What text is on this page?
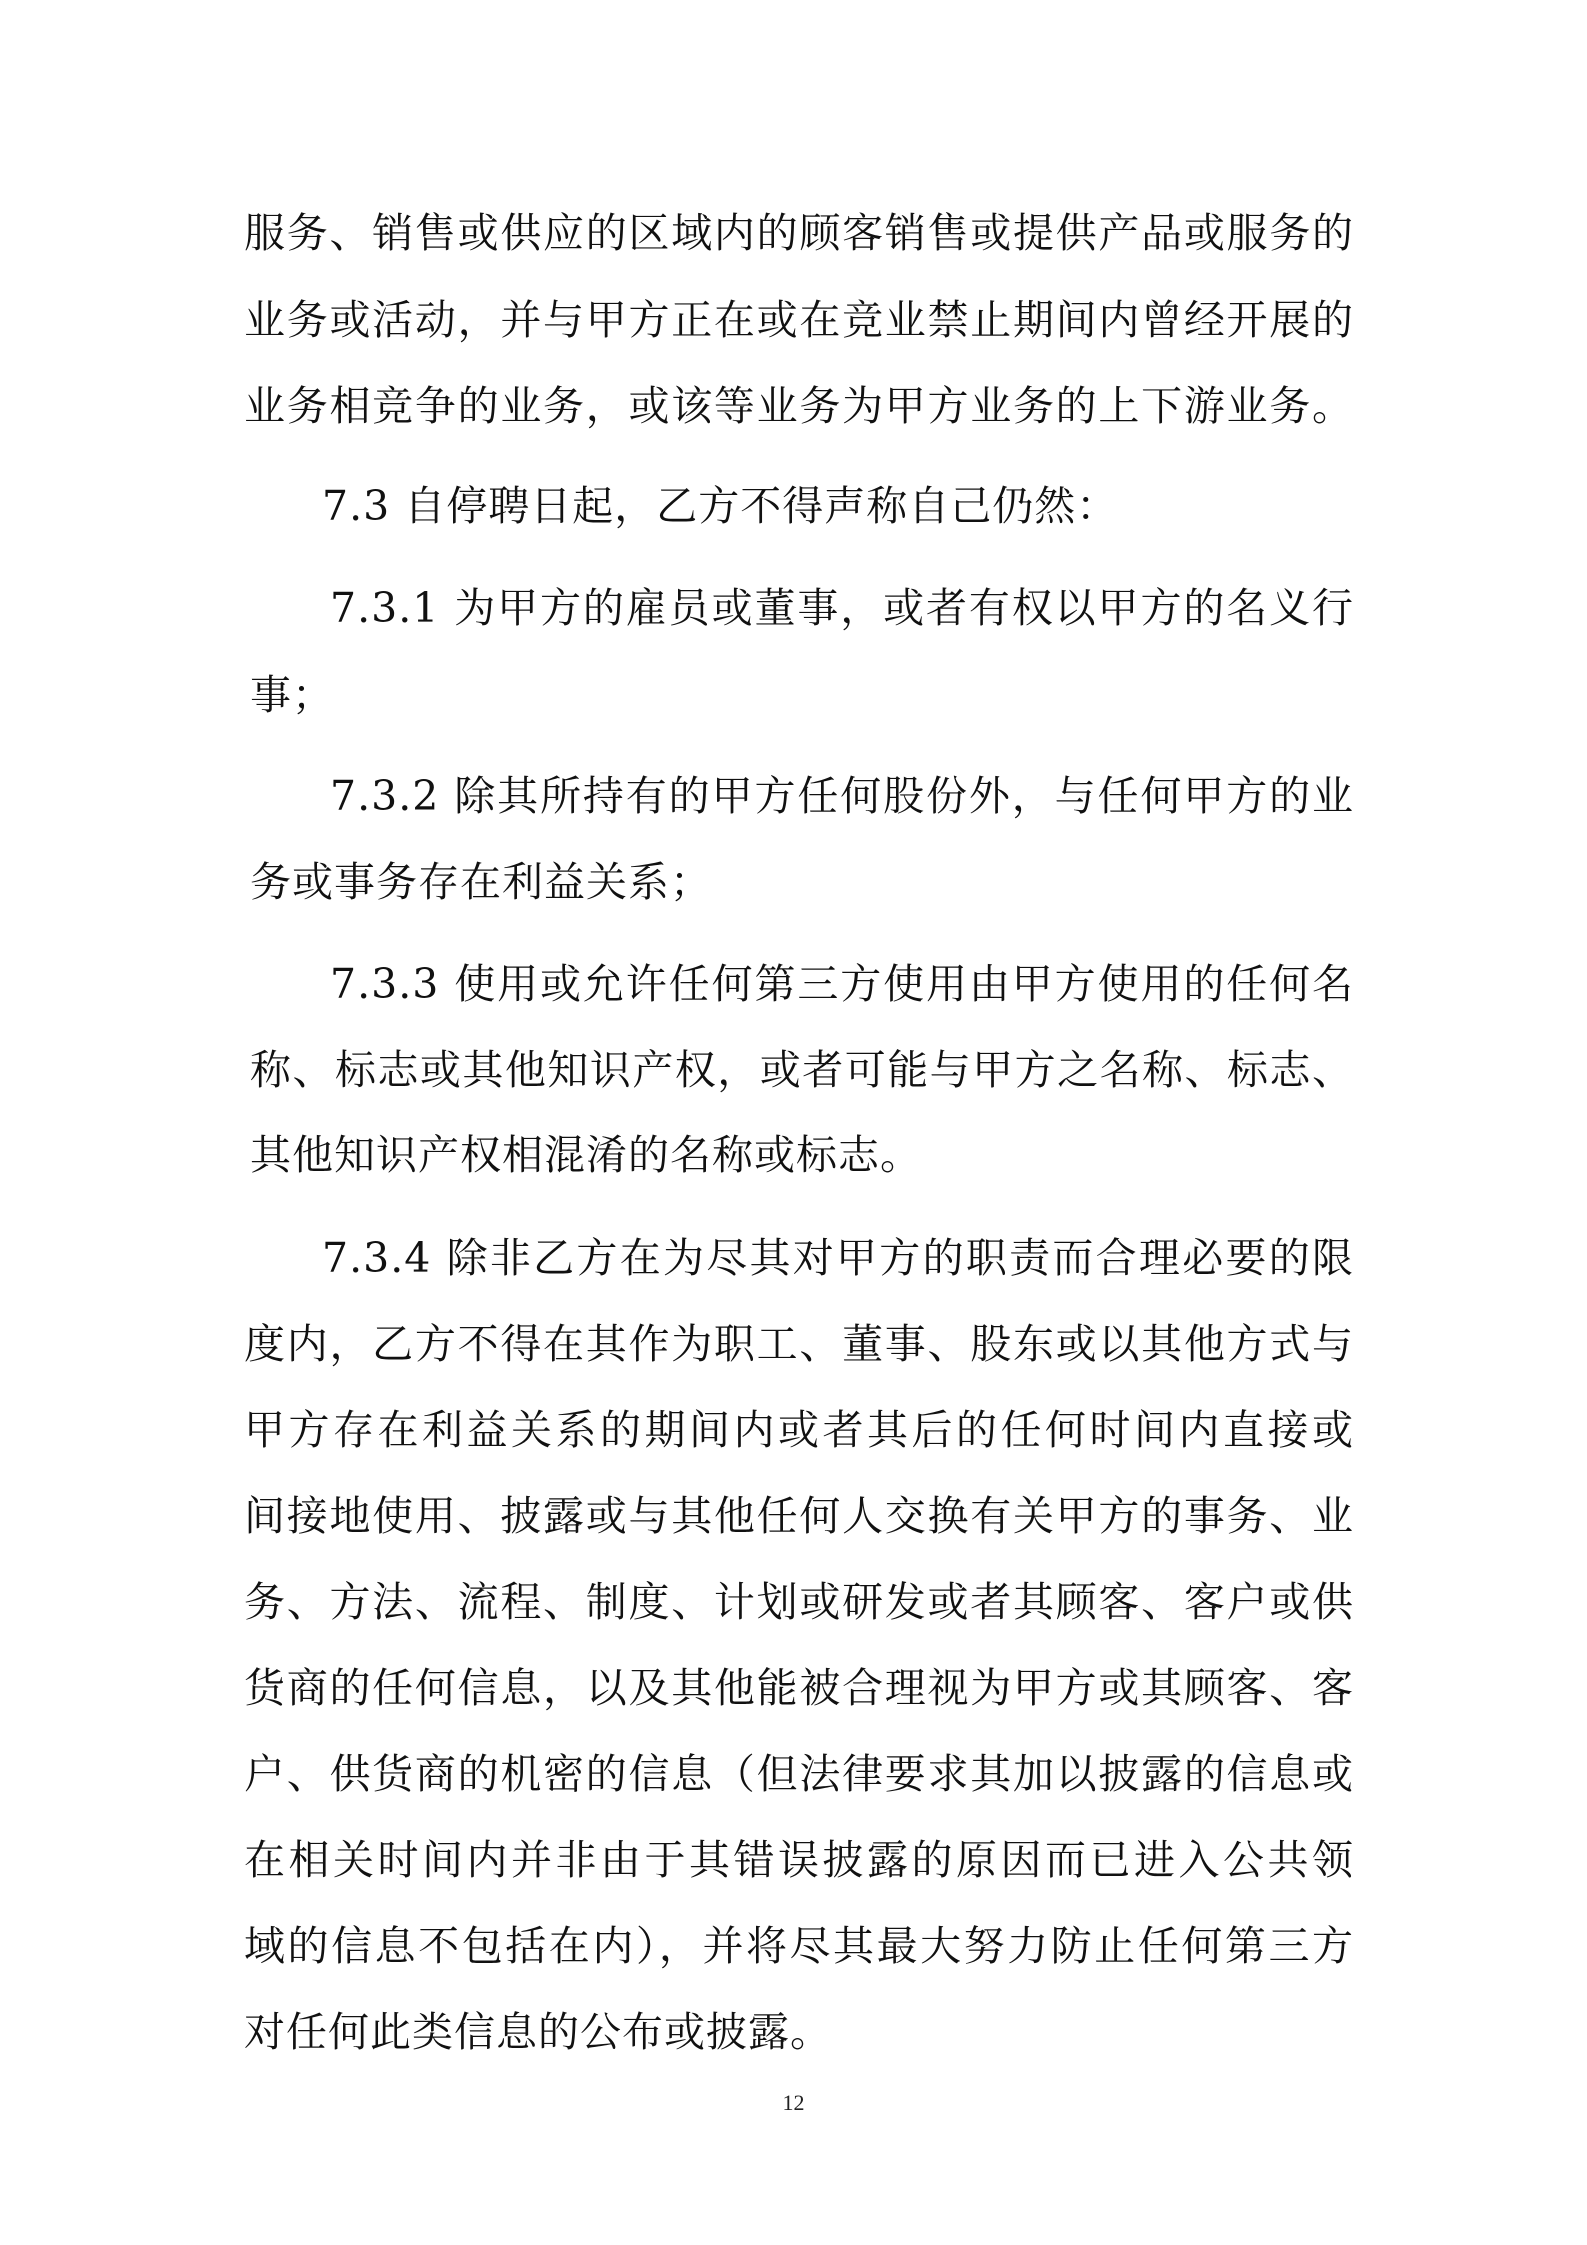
服务、销售或供应的区域内的顾客销售或提供产品或服务的
业务或活动，并与甲方正在或在竞业禁止期间内曾经开展的
业务相竞争的业务，或该等业务为甲方业务的上下游业务。
7.3 自停聘日起，乙方不得声称自己仍然：
7.3.1 为甲方的雇员或董事，或者有权以甲方的名义行
事；
7.3.2 除其所持有的甲方任何股份外，与任何甲方的业
务或事务存在利益关系；
7.3.3 使用或允许任何第三方使用由甲方使用的任何名
称、标志或其他知识产权，或者可能与甲方之名称、标志、
其他知识产权相混淆的名称或标志。
7.3.4 除非乙方在为尽其对甲方的职责而合理必要的限
度内，乙方不得在其作为职工、董事、股东或以其他方式与
甲方存在利益关系的期间内或者其后的任何时间内直接或
间接地使用、披露或与其他任何人交换有关甲方的事务、业
务、方法、流程、制度、计划或研发或者其顾客、客户或供
货商的任何信息，以及其他能被合理视为甲方或其顾客、客
户、供货商的机密的信息（但法律要求其加以披露的信息或
在相关时间内并非由于其错误披露的原因而已进入公共领
域的信息不包括在内），并将尽其最大努力防止任何第三方
对任何此类信息的公布或披露。
12
